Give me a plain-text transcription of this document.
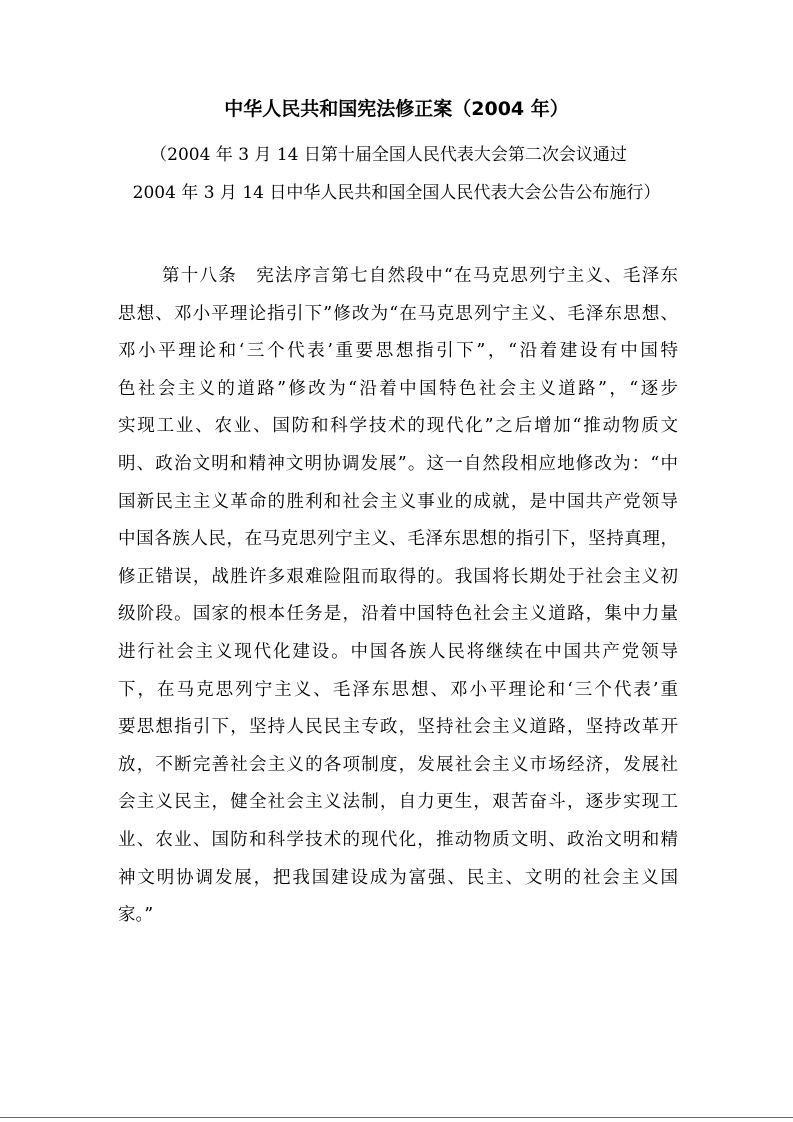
中华人民共和国宪法修正案（2004 年）
（2004 年 3 月 14 日第十届全国人民代表大会第二次会议通过
2004 年 3 月 14 日中华人民共和国全国人民代表大会公告公布施行）
第十八条 宪法序言第七自然段中“在马克思列宁主义、毛泽东
思想、邓小平理论指引下”修改为“在马克思列宁主义、毛泽东思想、
邓小平理论和‘三个代表’重要思想指引下”，“沿着建设有中国特
色社会主义的道路”修改为“沿着中国特色社会主义道路”，“逐步
实现工业、农业、国防和科学技术的现代化”之后增加“推动物质文
明、政治文明和精神文明协调发展”。这一自然段相应地修改为：“中
国新民主主义革命的胜利和社会主义事业的成就，是中国共产党领导
中国各族人民，在马克思列宁主义、毛泽东思想的指引下，坚持真理，
修正错误，战胜许多艰难险阻而取得的。我国将长期处于社会主义初
级阶段。国家的根本任务是，沿着中国特色社会主义道路，集中力量
进行社会主义现代化建设。中国各族人民将继续在中国共产党领导
下，在马克思列宁主义、毛泽东思想、邓小平理论和‘三个代表’重
要思想指引下，坚持人民民主专政，坚持社会主义道路，坚持改革开
放，不断完善社会主义的各项制度，发展社会主义市场经济，发展社
会主义民主，健全社会主义法制，自力更生，艰苦奋斗，逐步实现工
业、农业、国防和科学技术的现代化，推动物质文明、政治文明和精
神文明协调发展，把我国建设成为富强、民主、文明的社会主义国
家。”
